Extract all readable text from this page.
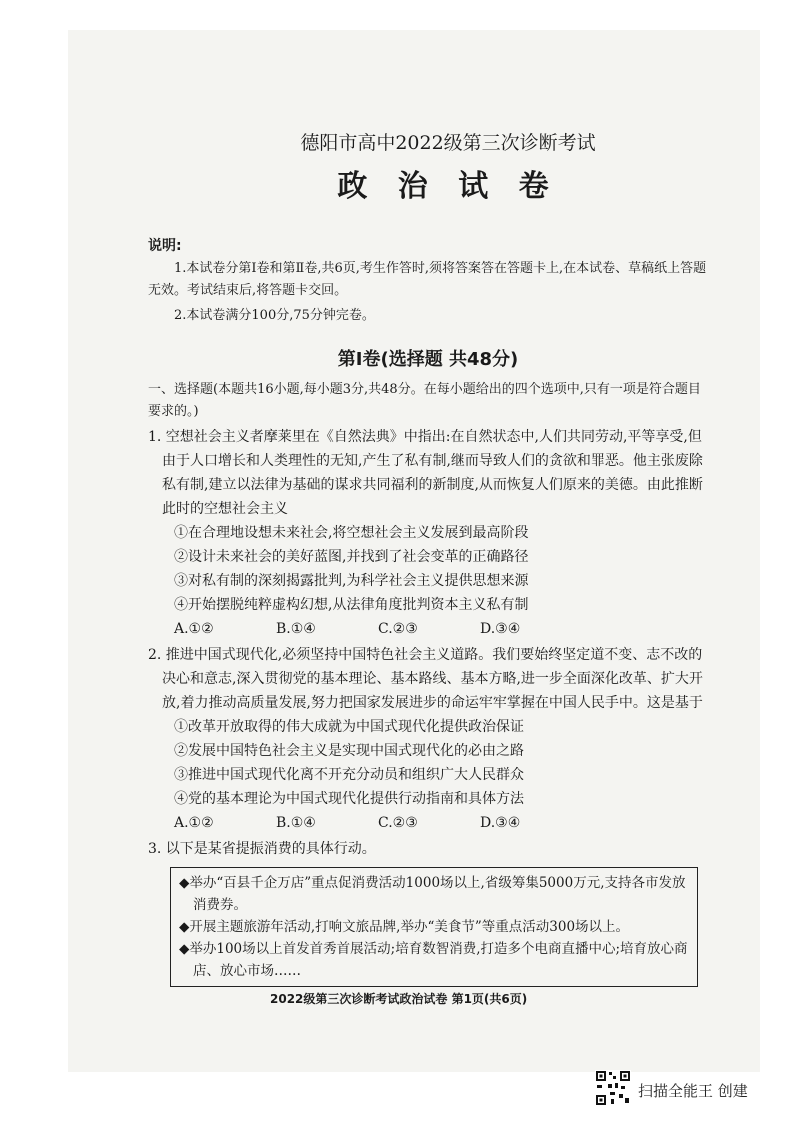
德阳市高中2022级第三次诊断考试
政 治 试 卷
说明:
1.本试卷分第Ⅰ卷和第Ⅱ卷,共6页,考生作答时,须将答案答在答题卡上,在本试卷、草稿纸上答题无效。考试结束后,将答题卡交回。
2.本试卷满分100分,75分钟完卷。
第Ⅰ卷(选择题 共48分)
一、选择题(本题共16小题,每小题3分,共48分。在每小题给出的四个选项中,只有一项是符合题目要求的。)
1. 空想社会主义者摩莱里在《自然法典》中指出:在自然状态中,人们共同劳动,平等享受,但由于人口增长和人类理性的无知,产生了私有制,继而导致人们的贪欲和罪恶。他主张废除私有制,建立以法律为基础的谋求共同福利的新制度,从而恢复人们原来的美德。由此推断此时的空想社会主义
①在合理地设想未来社会,将空想社会主义发展到最高阶段
②设计未来社会的美好蓝图,并找到了社会变革的正确路径
③对私有制的深刻揭露批判,为科学社会主义提供思想来源
④开始摆脱纯粹虚构幻想,从法律角度批判资本主义私有制
A.①②	B.①④	C.②③	D.③④
2. 推进中国式现代化,必须坚持中国特色社会主义道路。我们要始终坚定道不变、志不改的决心和意志,深入贯彻党的基本理论、基本路线、基本方略,进一步全面深化改革、扩大开放,着力推动高质量发展,努力把国家发展进步的命运牢牢掌握在中国人民手中。这是基于
①改革开放取得的伟大成就为中国式现代化提供政治保证
②发展中国特色社会主义是实现中国式现代化的必由之路
③推进中国式现代化离不开充分动员和组织广大人民群众
④党的基本理论为中国式现代化提供行动指南和具体方法
A.①②	B.①④	C.②③	D.③④
3. 以下是某省提振消费的具体行动。
◆举办“百县千企万店”重点促消费活动1000场以上,省级筹集5000万元,支持各市发放消费券。
◆开展主题旅游年活动,打响文旅品牌,举办“美食节”等重点活动300场以上。
◆举办100场以上首发首秀首展活动;培育数智消费,打造多个电商直播中心;培育放心商店、放心市场……
2022级第三次诊断考试政治试卷 第1页(共6页)
扫描全能王 创建
